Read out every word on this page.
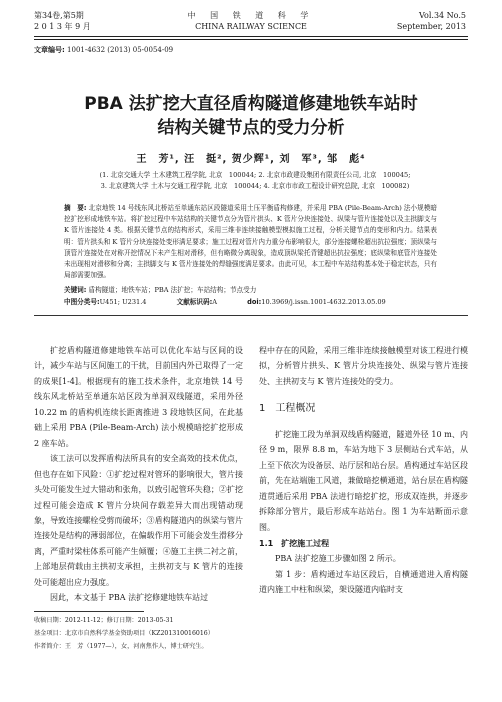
第34卷,第5期
2 0 1 3 年 9 月
中 国 铁 道 科 学
CHINA RAILWAY SCIENCE
Vol.34 No.5
September, 2013
文章编号: 1001-4632 (2013) 05-0054-09
PBA 法扩挖大直径盾构隧道修建地铁车站时
结构关键节点的受力分析
王　芳¹, 汪　挺², 贺少辉¹, 刘　军³, 邹　彪⁴
(1. 北京交通大学 土木建筑工程学院, 北京　100044; 2. 北京市政建设集团有限责任公司, 北京　100045;
3. 北京建筑大学 土木与交通工程学院, 北京　100044; 4. 北京市市政工程设计研究总院, 北京　100082)
摘　要: 北京地铁 14 号线东风北桥站至单通东站区段隧道采用土压平衡盾构修建，并采用 PBA (Pile-Beam-Arch) 法小规模暗挖扩挖形成地铁车站。将扩挖过程中车站结构的关键节点分为管片拱头、K 管片分块连接处、纵梁与管片连接处以及主拱脚支与 K 管片连接处 4 类。根据关键节点的结构形式，采用三维非连续接触模型模拟施工过程，分析关键节点的变形和内力。结果表明：管片拱头和 K 管片分块连接处变形满足要求；施工过程对管片内力重分布影响很大，部分连接螺栓超出抗拉强度；顶纵梁与顶管片连接处在对称开挖情况下未产生相对滑移，但有略微分离现象，造成顶纵梁托背键超出抗拉强度；底纵梁和底管片连接处未出现相对滑移和分离；主拱脚支与 K 管片连接处的焊缝强度满足要求。由此可见，本工程中车站结构基本处于稳定状态，只有局部需要加强。
关键词: 盾构隧道；地铁车站；PBA 法扩挖；车站结构；节点受力
中图分类号:U451; U231.4	文献标识码:A	doi:10.3969/j.issn.1001-4632.2013.05.09

扩挖盾构隧道修建地铁车站可以优化车站与区间的设计，减少车站与区间施工的干扰，目前国内外已取得了一定的成果[1-4]。根据现有的施工技术条件，北京地铁 14 号线东风北桥站至单通东站区段为单洞双线隧道，采用外径 10.22 m 的盾构机连续长距离推进 3 段地铁区间，在此基础上采用 PBA (Pile-Beam-Arch) 法小规模暗挖扩挖形成 2 座车站。

该工法可以发挥盾构法所具有的安全高效的技术优点，但也存在如下风险：①扩挖过程对管环的影响很大，管片接头处可能发生过大错动和张角，以致引起管环失稳；②扩挖过程可能会造成 K 管片分块间存载差异大而出现错动现象，导致连接螺栓受剪而破坏；③盾构隧道内的纵梁与管片连接处是结构的薄弱部位，在偏载作用下可能会发生滑移分离，严重时梁柱体系可能产生倾覆；④施工主拱二衬之前，上部地层荷载由主拱初支承担，主拱初支与 K 管片的连接处可能超出应力强度。

因此，本文基于 PBA 法扩挖修建地铁车站过

程中存在的风险，采用三维非连续接触模型对该工程进行模拟，分析管片拱头、K 管片分块连接处、纵梁与管片连接处、主拱初支与 K 管片连接处的受力。

1　工程概况

扩挖施工段为单洞双线盾构隧道，隧道外径 10 m、内径 9 m，限界 8.8 m，车站为地下 3 层侧站台式车站，从上至下依次为设备层、站厅层和站台层。盾构通过车站区段前，先在站端施工风道，兼做暗挖横通道，站台层在盾构隧道贯通后采用 PBA 法进行暗挖扩挖，形成双连拱，并逐步拆除部分管片，最后形成车站站台。图 1 为车站断面示意图。

1.1　扩挖施工过程

PBA 法扩挖施工步骤如图 2 所示。

第 1 步：盾构通过车站区段后，自横通道进入盾构隧道内施工中柱和纵梁，架设隧道内临时支

收稿日期：2012-11-12；修订日期：2013-05-31
基金项目：北京市自然科学基金资助项目（KZ201310016016）
作者简介：王　芳（1977—），女，河南焦作人，博士研究生。
